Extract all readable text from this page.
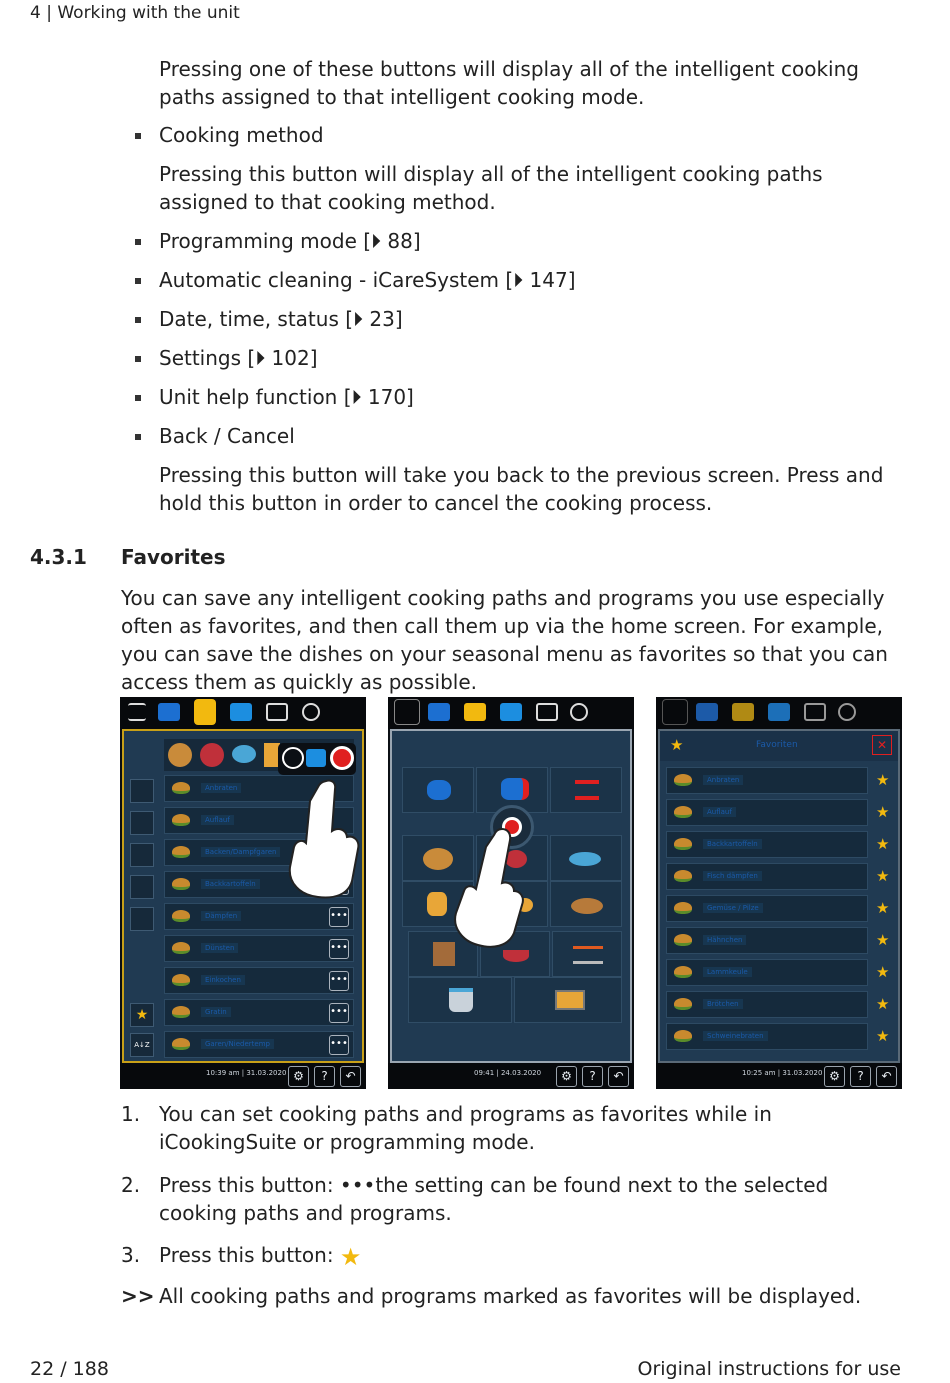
4 | Working with the unit
Pressing one of these buttons will display all of the intelligent cooking paths assigned to that intelligent cooking mode.
Cooking method
Pressing this button will display all of the intelligent cooking paths assigned to that cooking method.
Programming mode [⏵ 88]
Automatic cleaning - iCareSystem [⏵ 147]
Date, time, status [⏵ 23]
Settings [⏵ 102]
Unit help function [⏵ 170]
Back / Cancel
Pressing this button will take you back to the previous screen. Press and hold this button in order to cancel the cooking process.
4.3.1 Favorites
You can save any intelligent cooking paths and programs you use especially often as favorites, and then call them up via the home screen. For example, you can save the dishes on your seasonal menu as favorites so that you can access them as quickly as possible.
★
A↓Z
Anbraten
Auflauf
Backen/Dampfgaren
Backkartoffeln
Dämpfen	•••
Dünsten	•••
Einkochen	•••
Gratin	•••
Garen/Niedertemp	•••
10:39 am | 31.03.2020 ⚙	?	↶	09:41 | 24.03.2020	⚙	?	↶
★	Favoriten	✕
Anbraten	★
Auflauf	★
Backkartoffeln	★
Fisch dämpfen	★
Gemüse / Pilze	★
Hähnchen	★
Lammkeule	★
Brötchen	★
Schweinebraten	★
10:25 am | 31.03.2020 ⚙	?	↶
1. You can set cooking paths and programs as favorites while in iCookingSuite or programming mode.
2. Press this button: •••the setting can be found next to the selected cooking paths and programs.
3. Press this button: ★
>> All cooking paths and programs marked as favorites will be displayed.
22 / 188	Original instructions for use
